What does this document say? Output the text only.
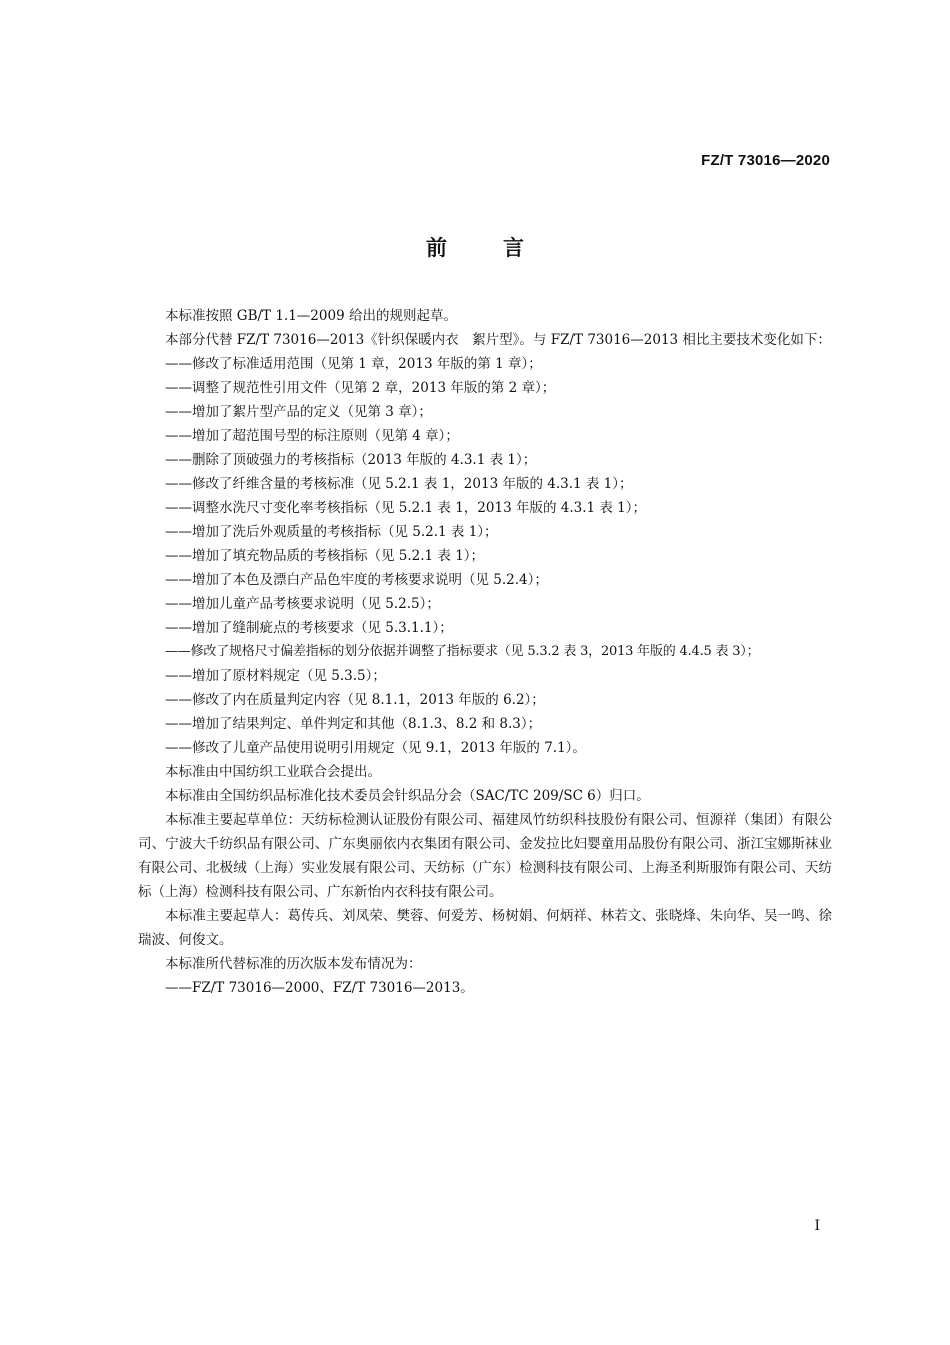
FZ/T 73016—2020
前言

本标准按照 GB/T 1.1—2009 给出的规则起草。

本部分代替 FZ/T 73016—2013《针织保暖内衣　絮片型》。与 FZ/T 73016—2013 相比主要技术变化如下：

——修改了标准适用范围（见第 1 章，2013 年版的第 1 章）；

——调整了规范性引用文件（见第 2 章，2013 年版的第 2 章）；

——增加了絮片型产品的定义（见第 3 章）；

——增加了超范围号型的标注原则（见第 4 章）；

——删除了顶破强力的考核指标（2013 年版的 4.3.1 表 1）；

——修改了纤维含量的考核标准（见 5.2.1 表 1，2013 年版的 4.3.1 表 1）；

——调整水洗尺寸变化率考核指标（见 5.2.1 表 1，2013 年版的 4.3.1 表 1）；

——增加了洗后外观质量的考核指标（见 5.2.1 表 1）；

——增加了填充物品质的考核指标（见 5.2.1 表 1）；

——增加了本色及漂白产品色牢度的考核要求说明（见 5.2.4）；

——增加儿童产品考核要求说明（见 5.2.5）；

——增加了缝制疵点的考核要求（见 5.3.1.1）；

——修改了规格尺寸偏差指标的划分依据并调整了指标要求（见 5.3.2 表 3，2013 年版的 4.4.5 表 3）；

——增加了原材料规定（见 5.3.5）；

——修改了内在质量判定内容（见 8.1.1，2013 年版的 6.2）；

——增加了结果判定、单件判定和其他（8.1.3、8.2 和 8.3）；

——修改了儿童产品使用说明引用规定（见 9.1，2013 年版的 7.1）。

本标准由中国纺织工业联合会提出。

本标准由全国纺织品标准化技术委员会针织品分会（SAC/TC 209/SC 6）归口。

本标准主要起草单位：天纺标检测认证股份有限公司、福建凤竹纺织科技股份有限公司、恒源祥（集团）有限公司、宁波大千纺织品有限公司、广东奥丽依内衣集团有限公司、金发拉比妇婴童用品股份有限公司、浙江宝娜斯袜业有限公司、北极绒（上海）实业发展有限公司、天纺标（广东）检测科技有限公司、上海圣利斯服饰有限公司、天纺标（上海）检测科技有限公司、广东新怡内衣科技有限公司。

本标准主要起草人：葛传兵、刘凤荣、樊蓉、何爱芳、杨树娟、何炳祥、林若文、张晓烽、朱向华、吴一鸣、徐瑞波、何俊文。

本标准所代替标准的历次版本发布情况为：

——FZ/T 73016—2000、FZ/T 73016—2013。

I
